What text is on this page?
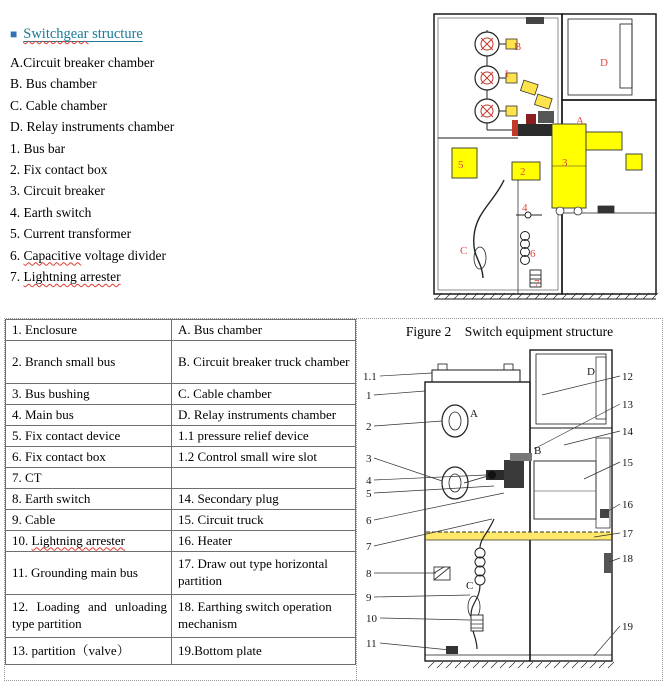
■ Switchgear structure
A.Circuit breaker chamber
B. Bus chamber
C. Cable chamber
D. Relay instruments chamber
1. Bus bar
2. Fix contact box
3. Circuit breaker
4. Earth switch
5. Current transformer
6. Capacitive voltage divider
7. Lightning arrester
B
1
D
A
3
2
5
4
C	6
7
1. Enclosure	A. Bus chamber
2. Branch small bus	B. Circuit breaker truck chamber
3. Bus bushing	C. Cable chamber
4. Main bus	D. Relay instruments chamber
5. Fix contact device	1.1 pressure relief device
6. Fix contact box	1.2 Control small wire slot
7. CT	
8. Earth switch	14. Secondary plug
9. Cable	15. Circuit truck
10. Lightning arrester	16. Heater
11. Grounding main bus	17. Draw out type horizontal partition
12. Loading and unloading type partition	18. Earthing switch operation mechanism
13. partition（valve）	19.Bottom plate
Figure 2    Switch equipment structure
1.1
1
2
3
4
5
6
7
8
9
10
11
12
13
14
15
16
17
18
19
A
B
C
D
